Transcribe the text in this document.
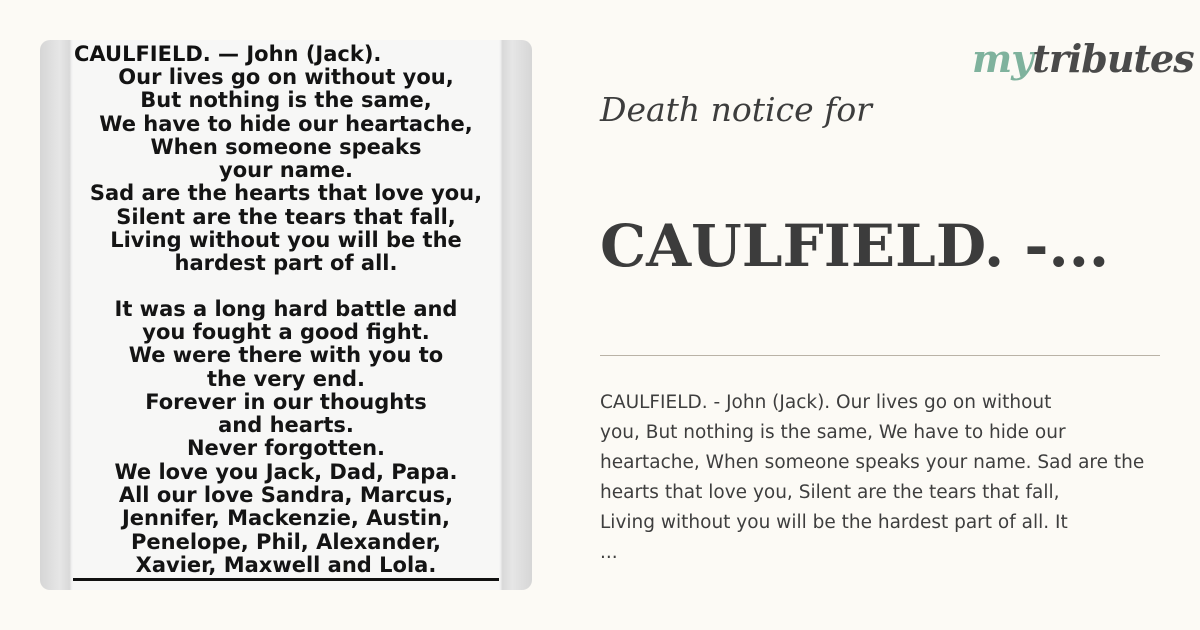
CAULFIELD. — John (Jack).
Our lives go on without you,
But nothing is the same,
We have to hide our heartache,
When someone speaks
your name.
Sad are the hearts that love you,
Silent are the tears that fall,
Living without you will be the
hardest part of all.
It was a long hard battle and
you fought a good fight.
We were there with you to
the very end.
Forever in our thoughts
and hearts.
Never forgotten.
We love you Jack, Dad, Papa.
All our love Sandra, Marcus,
Jennifer, Mackenzie, Austin,
Penelope, Phil, Alexander,
Xavier, Maxwell and Lola.
mytributes
Death notice for
CAULFIELD. -...
CAULFIELD. - John (Jack). Our lives go on without
you, But nothing is the same, We have to hide our
heartache, When someone speaks your name. Sad are the
hearts that love you, Silent are the tears that fall,
Living without you will be the hardest part of all. It
...
